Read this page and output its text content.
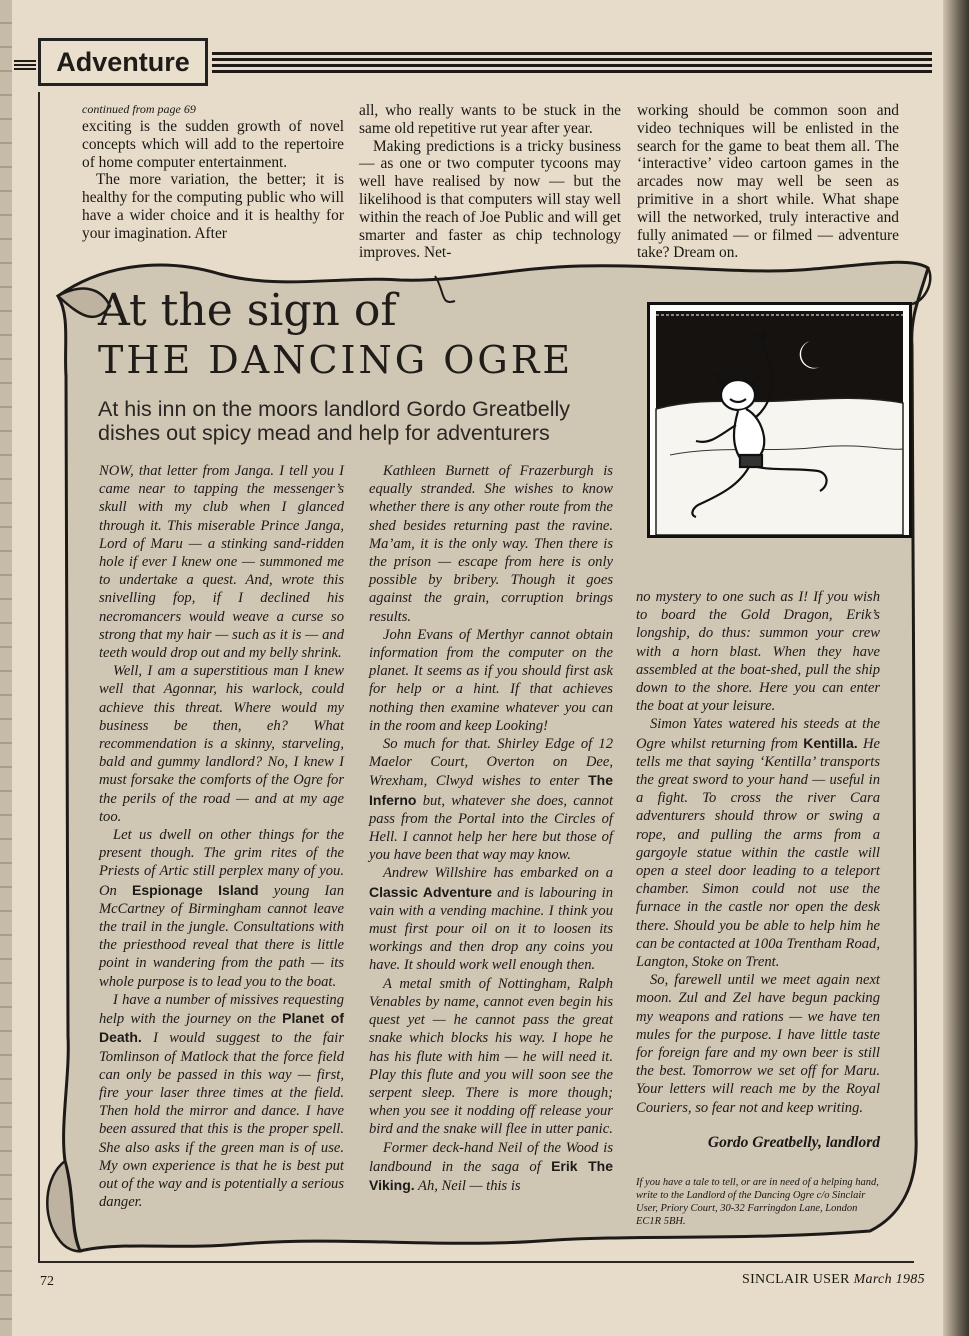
Adventure
continued from page 69

exciting is the sudden growth of novel concepts which will add to the repertoire of home computer entertainment.

The more variation, the better; it is healthy for the computing public who will have a wider choice and it is healthy for your imagination. After

all, who really wants to be stuck in the same old repetitive rut year after year.

Making predictions is a tricky business — as one or two computer tycoons may well have realised by now — but the likelihood is that computers will stay well within the reach of Joe Public and will get smarter and faster as chip technology improves. Net-

working should be common soon and video techniques will be enlisted in the search for the game to beat them all. The ‘interactive’ video cartoon games in the arcades now may well be seen as primitive in a short while. What shape will the networked, truly interactive and fully animated — or filmed — adventure take? Dream on.

At the sign of
THE DANCING OGRE
At his inn on the moors landlord Gordo Greatbelly dishes out spicy mead and help for adventurers

NOW, that letter from Janga. I tell you I came near to tapping the messenger’s skull with my club when I glanced through it. This miserable Prince Janga, Lord of Maru — a stinking sand-ridden hole if ever I knew one — summoned me to undertake a quest. And, wrote this snivelling fop, if I declined his necromancers would weave a curse so strong that my hair — such as it is — and teeth would drop out and my belly shrink.

Well, I am a superstitious man I knew well that Agonnar, his warlock, could achieve this threat. Where would my business be then, eh? What recommendation is a skinny, starveling, bald and gummy landlord? No, I knew I must forsake the comforts of the Ogre for the perils of the road — and at my age too.

Let us dwell on other things for the present though. The grim rites of the Priests of Artic still perplex many of you. On Espionage Island young Ian McCartney of Birmingham cannot leave the trail in the jungle. Consultations with the priesthood reveal that there is little point in wandering from the path — its whole purpose is to lead you to the boat.

I have a number of missives requesting help with the journey on the Planet of Death. I would suggest to the fair Tomlinson of Matlock that the force field can only be passed in this way — first, fire your laser three times at the field. Then hold the mirror and dance. I have been assured that this is the proper spell. She also asks if the green man is of use. My own experience is that he is best put out of the way and is potentially a serious danger.

Kathleen Burnett of Frazerburgh is equally stranded. She wishes to know whether there is any other route from the shed besides returning past the ravine. Ma’am, it is the only way. Then there is the prison — escape from here is only possible by bribery. Though it goes against the grain, corruption brings results.

John Evans of Merthyr cannot obtain information from the computer on the planet. It seems as if you should first ask for help or a hint. If that achieves nothing then examine whatever you can in the room and keep Looking!

So much for that. Shirley Edge of 12 Maelor Court, Overton on Dee, Wrexham, Clwyd wishes to enter The Inferno but, whatever she does, cannot pass from the Portal into the Circles of Hell. I cannot help her here but those of you have been that way may know.

Andrew Willshire has embarked on a Classic Adventure and is labouring in vain with a vending machine. I think you must first pour oil on it to loosen its workings and then drop any coins you have. It should work well enough then.

A metal smith of Nottingham, Ralph Venables by name, cannot even begin his quest yet — he cannot pass the great snake which blocks his way. I hope he has his flute with him — he will need it. Play this flute and you will soon see the serpent sleep. There is more though; when you see it nodding off release your bird and the snake will flee in utter panic.

Former deck-hand Neil of the Wood is landbound in the saga of Erik The Viking. Ah, Neil — this is

no mystery to one such as I! If you wish to board the Gold Dragon, Erik’s longship, do thus: summon your crew with a horn blast. When they have assembled at the boat-shed, pull the ship down to the shore. Here you can enter the boat at your leisure.

Simon Yates watered his steeds at the Ogre whilst returning from Kentilla. He tells me that saying ‘Kentilla’ transports the great sword to your hand — useful in a fight. To cross the river Cara adventurers should throw or swing a rope, and pulling the arms from a gargoyle statue within the castle will open a steel door leading to a teleport chamber. Simon could not use the furnace in the castle nor open the desk there. Should you be able to help him he can be contacted at 100a Trentham Road, Langton, Stoke on Trent.

So, farewell until we meet again next moon. Zul and Zel have begun packing my weapons and rations — we have ten mules for the purpose. I have little taste for foreign fare and my own beer is still the best. Tomorrow we set off for Maru. Your letters will reach me by the Royal Couriers, so fear not and keep writing.

Gordo Greatbelly, landlord
If you have a tale to tell, or are in need of a helping hand, write to the Landlord of the Dancing Ogre c/o Sinclair User, Priory Court, 30-32 Farringdon Lane, London EC1R 5BH.
72	SINCLAIR USER March 1985
